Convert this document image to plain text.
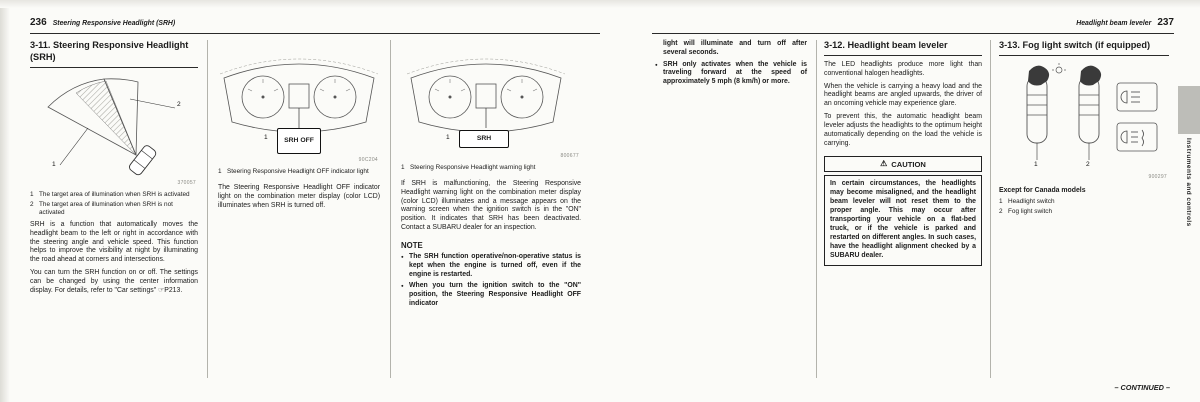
236 Steering Responsive Headlight (SRH)	Headlight beam leveler 237
3-11. Steering Responsive Headlight (SRH)
1
2
370057
1 The target area of illumination when SRH is activated
2 The target area of illumination when SRH is not activated

SRH is a function that automatically moves the headlight beam to the left or right in accordance with the steering angle and vehicle speed. This function helps to improve the visibility at night by illuminating the road ahead at corners and intersections.

You can turn the SRH function on or off. The settings can be changed by using the center information display. For details, refer to "Car settings" ☞P213.

SRH OFF
1
90C204
1 Steering Responsive Headlight OFF indicator light

The Steering Responsive Headlight OFF indicator light on the combination meter display (color LCD) illuminates when SRH is turned off.

SRH
1
800677
1 Steering Responsive Headlight warning light

If SRH is malfunctioning, the Steering Responsive Headlight warning light on the combination meter display (color LCD) illuminates and a message appears on the warning screen when the ignition switch is in the "ON" position. It indicates that SRH has been deactivated. Contact a SUBARU dealer for an inspection.

NOTE
●
The SRH function operative/non-operative status is kept when the engine is turned off, even if the engine is restarted.
●
When you turn the ignition switch to the "ON" position, the Steering Responsive Headlight OFF indicator

light will illuminate and turn off after several seconds.

●
SRH only activates when the vehicle is traveling forward at the speed of approximately 5 mph (8 km/h) or more.
3-12. Headlight beam leveler

The LED headlights produce more light than conventional halogen headlights.

When the vehicle is carrying a heavy load and the headlight beams are angled upwards, the driver of an oncoming vehicle may experience glare.

To prevent this, the automatic headlight beam leveler adjusts the headlights to the optimum height automatically depending on the load the vehicle is carrying.

⚠ CAUTION
In certain circumstances, the headlights may become misaligned, and the headlight beam leveler will not reset them to the proper angle. This may occur after transporting your vehicle on a flat-bed truck, or if the vehicle is parked and restarted on different angles. In such cases, have the headlight alignment checked by a SUBARU dealer.
3-13. Fog light switch (if equipped)
1	2
900297

Except for Canada models

1 Headlight switch
2 Fog light switch	Instruments and controls
– CONTINUED –
